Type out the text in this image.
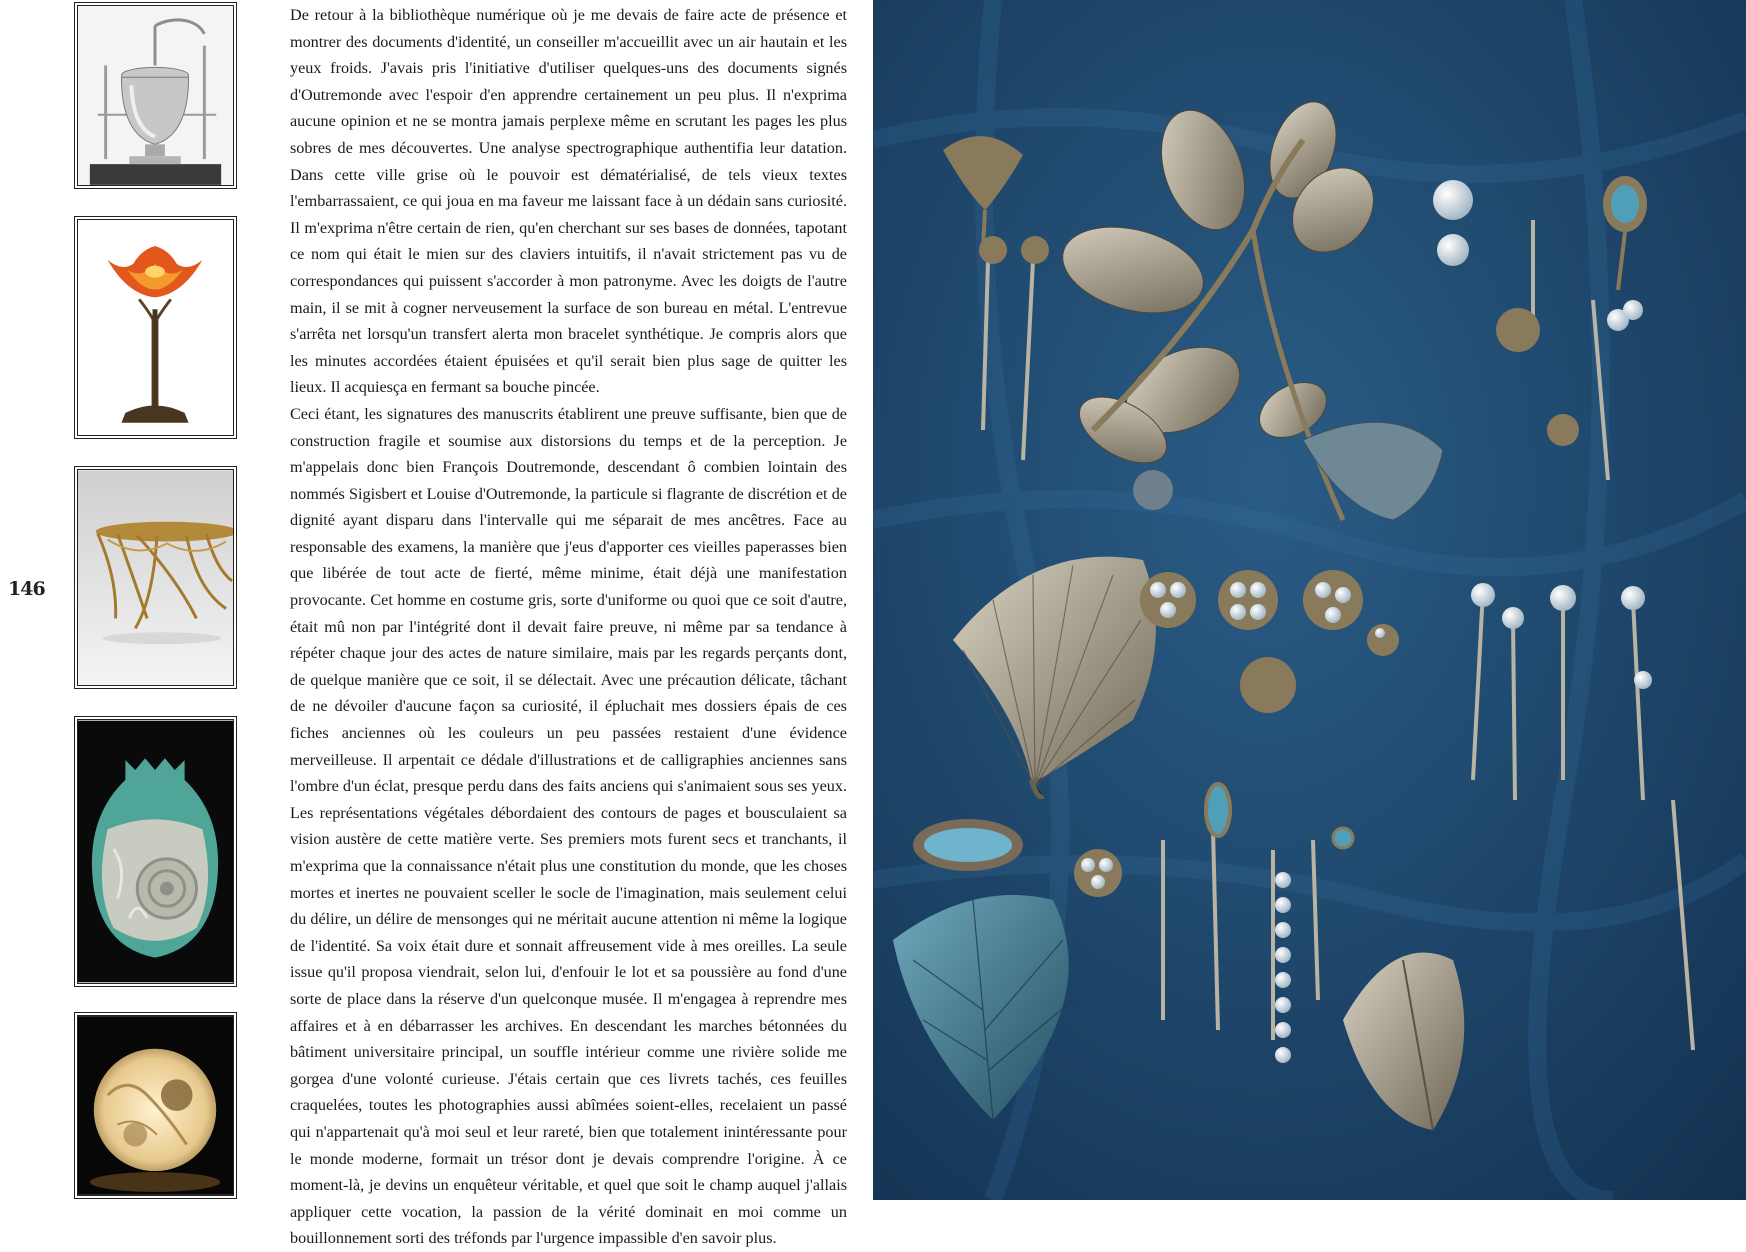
146

De retour à la bibliothèque numérique où je me devais de faire acte de présence et montrer des documents d'identité, un conseiller m'accueillit avec un air hautain et les yeux froids. J'avais pris l'initiative d'utiliser quelques-uns des documents signés d'Outremonde avec l'espoir d'en apprendre certainement un peu plus. Il n'exprima aucune opinion et ne se montra jamais perplexe même en scrutant les pages les plus sobres de mes découvertes. Une analyse spectrographique authentifia leur datation. Dans cette ville grise où le pouvoir est dématérialisé, de tels vieux textes l'embarrassaient, ce qui joua en ma faveur me laissant face à un dédain sans curiosité. Il m'exprima n'être certain de rien, qu'en cherchant sur ses bases de données, tapotant ce nom qui était le mien sur des claviers intuitifs, il n'avait strictement pas vu de correspondances qui puissent s'accorder à mon patronyme. Avec les doigts de l'autre main, il se mit à cogner nerveusement la surface de son bureau en métal. L'entrevue s'arrêta net lorsqu'un transfert alerta mon bracelet synthétique. Je compris alors que les minutes accordées étaient épuisées et qu'il serait bien plus sage de quitter les lieux. Il acquiesça en fermant sa bouche pincée.

Ceci étant, les signatures des manuscrits établirent une preuve suffisante, bien que de construction fragile et soumise aux distorsions du temps et de la perception. Je m'appelais donc bien François Doutremonde, descendant ô combien lointain des nommés Sigisbert et Louise d'Outremonde, la particule si flagrante de discrétion et de dignité ayant disparu dans l'intervalle qui me séparait de mes ancêtres. Face au responsable des examens, la manière que j'eus d'apporter ces vieilles paperasses bien que libérée de tout acte de fierté, même minime, était déjà une manifestation provocante. Cet homme en costume gris, sorte d'uniforme ou quoi que ce soit d'autre, était mû non par l'intégrité dont il devait faire preuve, ni même par sa tendance à répéter chaque jour des actes de nature similaire, mais par les regards perçants dont, de quelque manière que ce soit, il se délectait. Avec une précaution délicate, tâchant de ne dévoiler d'aucune façon sa curiosité, il épluchait mes dossiers épais de ces fiches anciennes où les couleurs un peu passées restaient d'une évidence merveilleuse. Il arpentait ce dédale d'illustrations et de calligraphies anciennes sans l'ombre d'un éclat, presque perdu dans des faits anciens qui s'animaient sous ses yeux. Les représentations végétales débordaient des contours de pages et bousculaient sa vision austère de cette matière verte. Ses premiers mots furent secs et tranchants, il m'exprima que la connaissance n'était plus une constitution du monde, que les choses mortes et inertes ne pouvaient sceller le socle de l'imagination, mais seulement celui du délire, un délire de mensonges qui ne méritait aucune attention ni même la logique de l'identité. Sa voix était dure et sonnait affreusement vide à mes oreilles. La seule issue qu'il proposa viendrait, selon lui, d'enfouir le lot et sa poussière au fond d'une sorte de place dans la réserve d'un quelconque musée. Il m'engagea à reprendre mes affaires et à en débarrasser les archives. En descendant les marches bétonnées du bâtiment universitaire principal, un souffle intérieur comme une rivière solide me gorgea d'une volonté curieuse. J'étais certain que ces livrets tachés, ces feuilles craquelées, toutes les photographies aussi abîmées soient-elles, recelaient un passé qui n'appartenait qu'à moi seul et leur rareté, bien que totalement inintéressante pour le monde moderne, formait un trésor dont je devais comprendre l'origine. À ce moment-là, je devins un enquêteur véritable, et quel que soit le champ auquel j'allais appliquer cette vocation, la passion de la vérité dominait en moi comme un bouillonnement sorti des tréfonds par l'urgence impassible d'en savoir plus.
